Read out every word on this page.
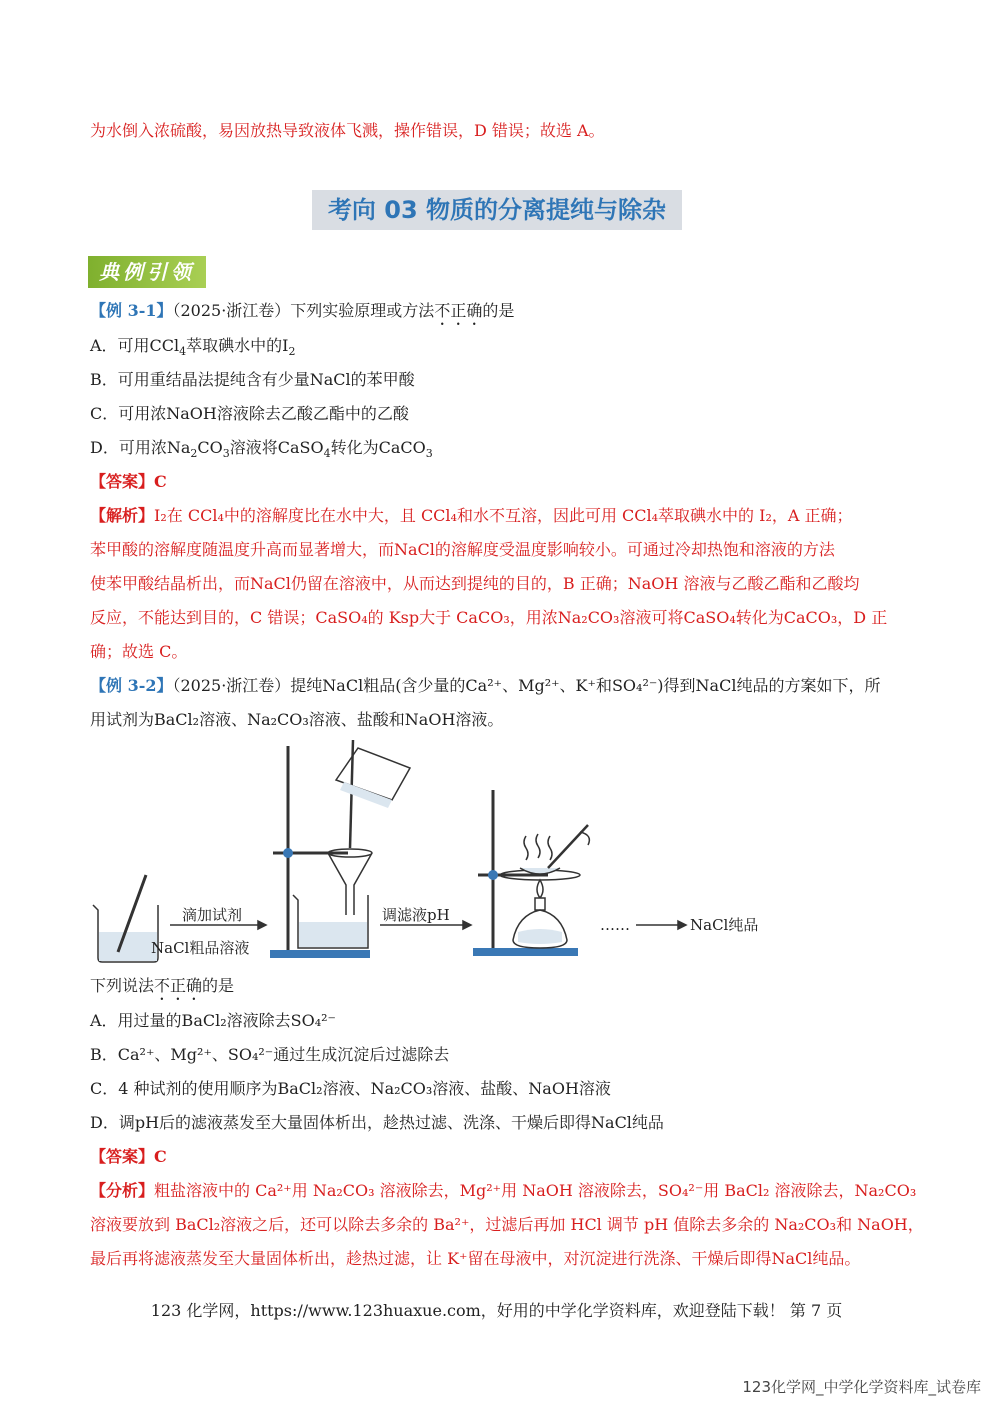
为水倒入浓硫酸，易因放热导致液体飞溅，操作错误，D 错误；故选 A。
考向 03 物质的分离提纯与除杂
典例引领
【例 3-1】（2025·浙江卷）下列实验原理或方法不正确的是
A．可用CCl$_4$萃取碘水中的$I_2$
B．可用重结晶法提纯含有少量NaCl的苯甲酸
C．可用浓NaOH溶液除去乙酸乙酯中的乙酸
D．可用浓$Na_2CO_3$溶液将CaSO$_4$转化为CaCO$_3$
【答案】C
【解析】I₂在 CCl₄中的溶解度比在水中大，且 CCl₄和水不互溶，因此可用 CCl₄萃取碘水中的 I₂，A 正确；
苯甲酸的溶解度随温度升高而显著增大，而NaCl的溶解度受温度影响较小。可通过冷却热饱和溶液的方法
使苯甲酸结晶析出，而NaCl仍留在溶液中，从而达到提纯的目的，B 正确；NaOH 溶液与乙酸乙酯和乙酸均
反应，不能达到目的，C 错误；CaSO₄的 Ksp大于 CaCO₃，用浓Na₂CO₃溶液可将CaSO₄转化为CaCO₃，D 正
确；故选 C。
【例 3-2】（2025·浙江卷）提纯NaCl粗品(含少量的Ca²⁺、Mg²⁺、K⁺和SO₄²⁻)得到NaCl纯品的方案如下，所
用试剂为BaCl₂溶液、Na₂CO₃溶液、盐酸和NaOH溶液。
NaCl粗品溶液
滴加试剂	调滤液pH
……	NaCl纯品
下列说法不正确的是
A．用过量的BaCl₂溶液除去SO₄²⁻
B．Ca²⁺、Mg²⁺、SO₄²⁻通过生成沉淀后过滤除去
C．4 种试剂的使用顺序为BaCl₂溶液、Na₂CO₃溶液、盐酸、NaOH溶液
D．调pH后的滤液蒸发至大量固体析出，趁热过滤、洗涤、干燥后即得NaCl纯品
【答案】C
【分析】粗盐溶液中的 Ca²⁺用 Na₂CO₃ 溶液除去，Mg²⁺用 NaOH 溶液除去，SO₄²⁻用 BaCl₂ 溶液除去，Na₂CO₃
溶液要放到 BaCl₂溶液之后，还可以除去多余的 Ba²⁺，过滤后再加 HCl 调节 pH 值除去多余的 Na₂CO₃和 NaOH，
最后再将滤液蒸发至大量固体析出，趁热过滤，让 K⁺留在母液中，对沉淀进行洗涤、干燥后即得NaCl纯品。
123 化学网，https://www.123huaxue.com，好用的中学化学资料库，欢迎登陆下载！ 第 7 页
123化学网_中学化学资料库_试卷库
